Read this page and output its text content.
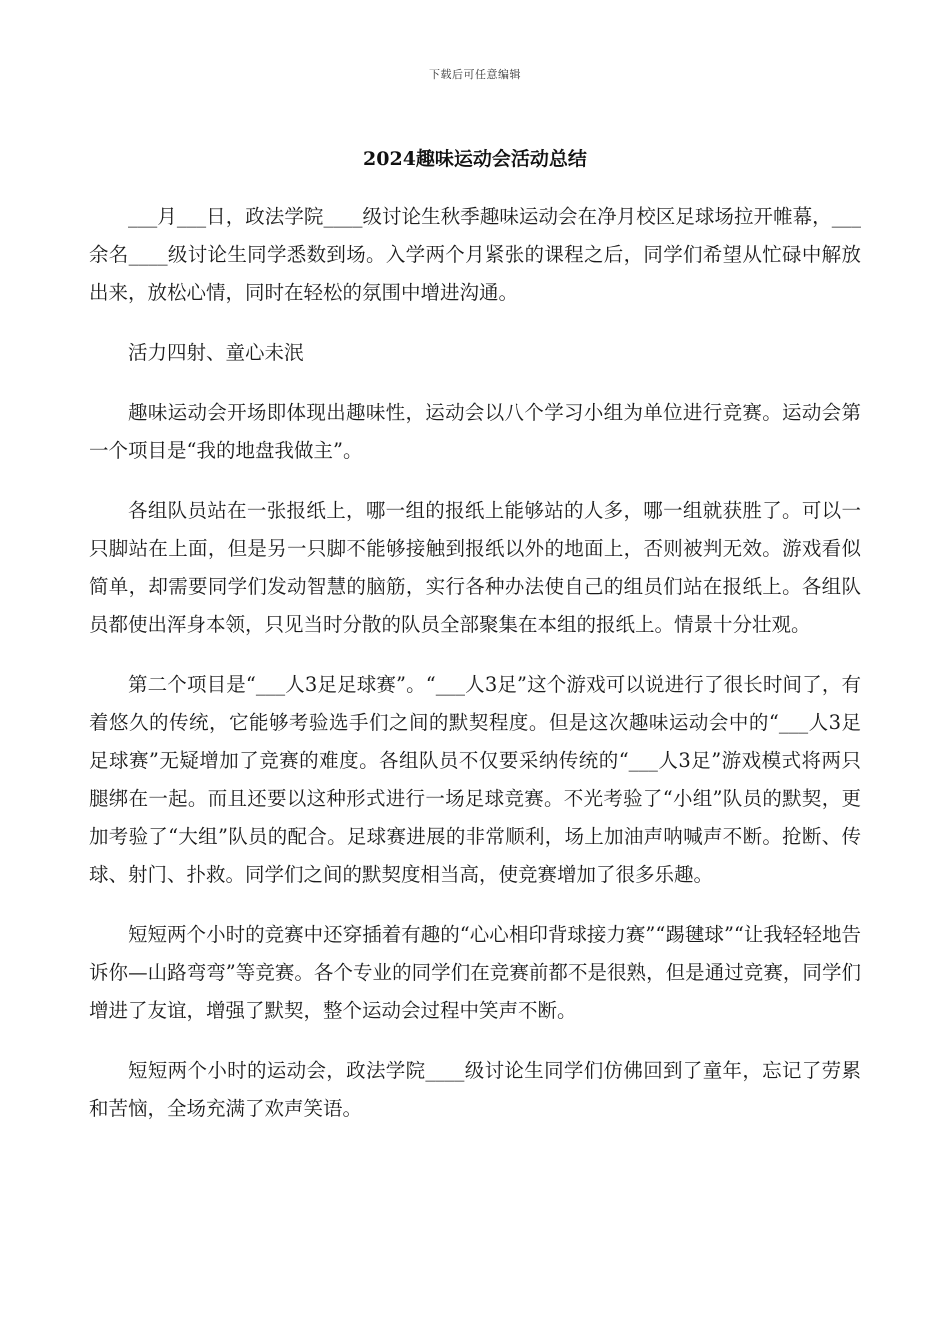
下载后可任意编辑
2024趣味运动会活动总结

___月___日，政法学院____级讨论生秋季趣味运动会在净月校区足球场拉开帷幕，___余名____级讨论生同学悉数到场。入学两个月紧张的课程之后，同学们希望从忙碌中解放出来，放松心情，同时在轻松的氛围中增进沟通。

活力四射、童心未泯

趣味运动会开场即体现出趣味性，运动会以八个学习小组为单位进行竞赛。运动会第一个项目是“我的地盘我做主”。

各组队员站在一张报纸上，哪一组的报纸上能够站的人多，哪一组就获胜了。可以一只脚站在上面，但是另一只脚不能够接触到报纸以外的地面上，否则被判无效。游戏看似简单，却需要同学们发动智慧的脑筋，实行各种办法使自己的组员们站在报纸上。各组队员都使出浑身本领，只见当时分散的队员全部聚集在本组的报纸上。情景十分壮观。

第二个项目是“___人3足足球赛”。“___人3足”这个游戏可以说进行了很长时间了，有着悠久的传统，它能够考验选手们之间的默契程度。但是这次趣味运动会中的“___人3足足球赛”无疑增加了竞赛的难度。各组队员不仅要采纳传统的“___人3足”游戏模式将两只腿绑在一起。而且还要以这种形式进行一场足球竞赛。不光考验了“小组”队员的默契，更加考验了“大组”队员的配合。足球赛进展的非常顺利，场上加油声呐喊声不断。抢断、传球、射门、扑救。同学们之间的默契度相当高，使竞赛增加了很多乐趣。

短短两个小时的竞赛中还穿插着有趣的“心心相印背球接力赛”“踢毽球”“让我轻轻地告诉你—山路弯弯”等竞赛。各个专业的同学们在竞赛前都不是很熟，但是通过竞赛，同学们增进了友谊，增强了默契，整个运动会过程中笑声不断。

短短两个小时的运动会，政法学院____级讨论生同学们仿佛回到了童年，忘记了劳累和苦恼，全场充满了欢声笑语。
